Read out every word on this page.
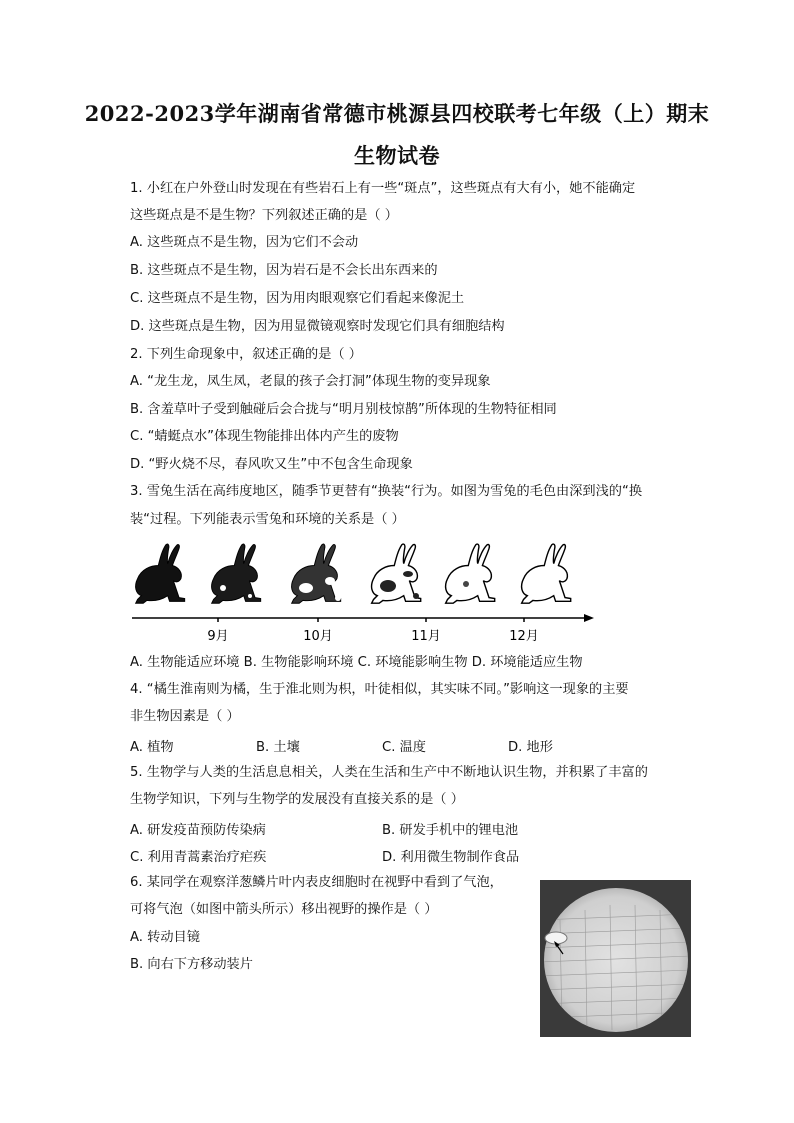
2022-2023学年湖南省常德市桃源县四校联考七年级（上）期末
生物试卷
1. 小红在户外登山时发现在有些岩石上有一些“斑点”，这些斑点有大有小，她不能确定
这些斑点是不是生物？下列叙述正确的是（ ）
A. 这些斑点不是生物，因为它们不会动
B. 这些斑点不是生物，因为岩石是不会长出东西来的
C. 这些斑点不是生物，因为用肉眼观察它们看起来像泥土
D. 这些斑点是生物，因为用显微镜观察时发现它们具有细胞结构
2. 下列生命现象中，叙述正确的是（ ）
A. “龙生龙，凤生凤，老鼠的孩子会打洞”体现生物的变异现象
B. 含羞草叶子受到触碰后会合拢与“明月别枝惊鹊”所体现的生物特征相同
C. “蜻蜓点水”体现生物能排出体内产生的废物
D. “野火烧不尽，春风吹又生”中不包含生命现象
3. 雪兔生活在高纬度地区，随季节更替有“换装“行为。如图为雪兔的毛色由深到浅的“换
装“过程。下列能表示雪兔和环境的关系是（ ）
9月	10月	11月	12月
A. 生物能适应环境 B. 生物能影响环境 C. 环境能影响生物 D. 环境能适应生物
4. “橘生淮南则为橘，生于淮北则为枳，叶徒相似，其实味不同。”影响这一现象的主要
非生物因素是（ ）
A. 植物	B. 土壤	C. 温度	D. 地形
5. 生物学与人类的生活息息相关，人类在生活和生产中不断地认识生物，并积累了丰富的
生物学知识，下列与生物学的发展没有直接关系的是（ ）
A. 研发疫苗预防传染病	B. 研发手机中的锂电池
C. 利用青蒿素治疗疟疾	D. 利用微生物制作食品
6. 某同学在观察洋葱鳞片叶内表皮细胞时在视野中看到了气泡，
可将气泡（如图中箭头所示）移出视野的操作是（ ）
A. 转动目镜
B. 向右下方移动装片
